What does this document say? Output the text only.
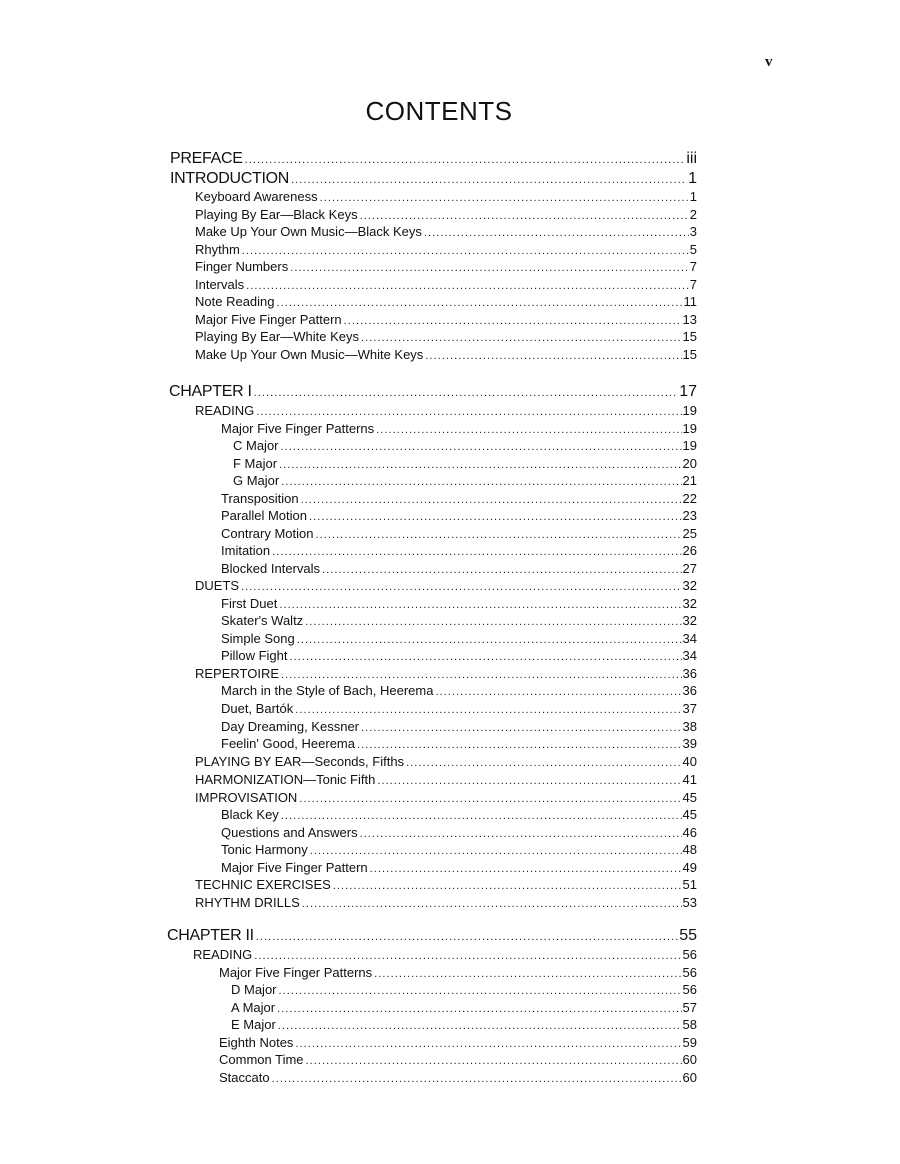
v
CONTENTS
PREFACE . . .	iii
INTRODUCTION . . .	1
Keyboard Awareness . . .	1
Playing By Ear—Black Keys . . .	2
Make Up Your Own Music—Black Keys . . .	3
Rhythm . . .	5
Finger Numbers . . .	7
Intervals . . .	7
Note Reading . . .	11
Major Five Finger Pattern . . .	13
Playing By Ear—White Keys . . .	15
Make Up Your Own Music—White Keys . . .	15
CHAPTER I . . .	17
READING . . .	19
Major Five Finger Patterns . . .	19
C Major . . .	19
F Major . . .	20
G Major . . .	21
Transposition . . .	22
Parallel Motion . . .	23
Contrary Motion . . .	25
Imitation . . .	26
Blocked Intervals . . .	27
DUETS . . .	32
First Duet . . .	32
Skater's Waltz . . .	32
Simple Song . . .	34
Pillow Fight . . .	34
REPERTOIRE . . .	36
March in the Style of Bach, Heerema . . .	36
Duet, Bartók . . .	37
Day Dreaming, Kessner . . .	38
Feelin' Good, Heerema . . .	39
PLAYING BY EAR—Seconds, Fifths . . .	40
HARMONIZATION—Tonic Fifth . . .	41
IMPROVISATION . . .	45
Black Key . . .	45
Questions and Answers . . .	46
Tonic Harmony . . .	48
Major Five Finger Pattern . . .	49
TECHNIC EXERCISES . . .	51
RHYTHM DRILLS . . .	53
CHAPTER II . . .	55
READING . . .	56
Major Five Finger Patterns . . .	56
D Major . . .	56
A Major . . .	57
E Major . . .	58
Eighth Notes . . .	59
Common Time . . .	60
Staccato . . .	60
